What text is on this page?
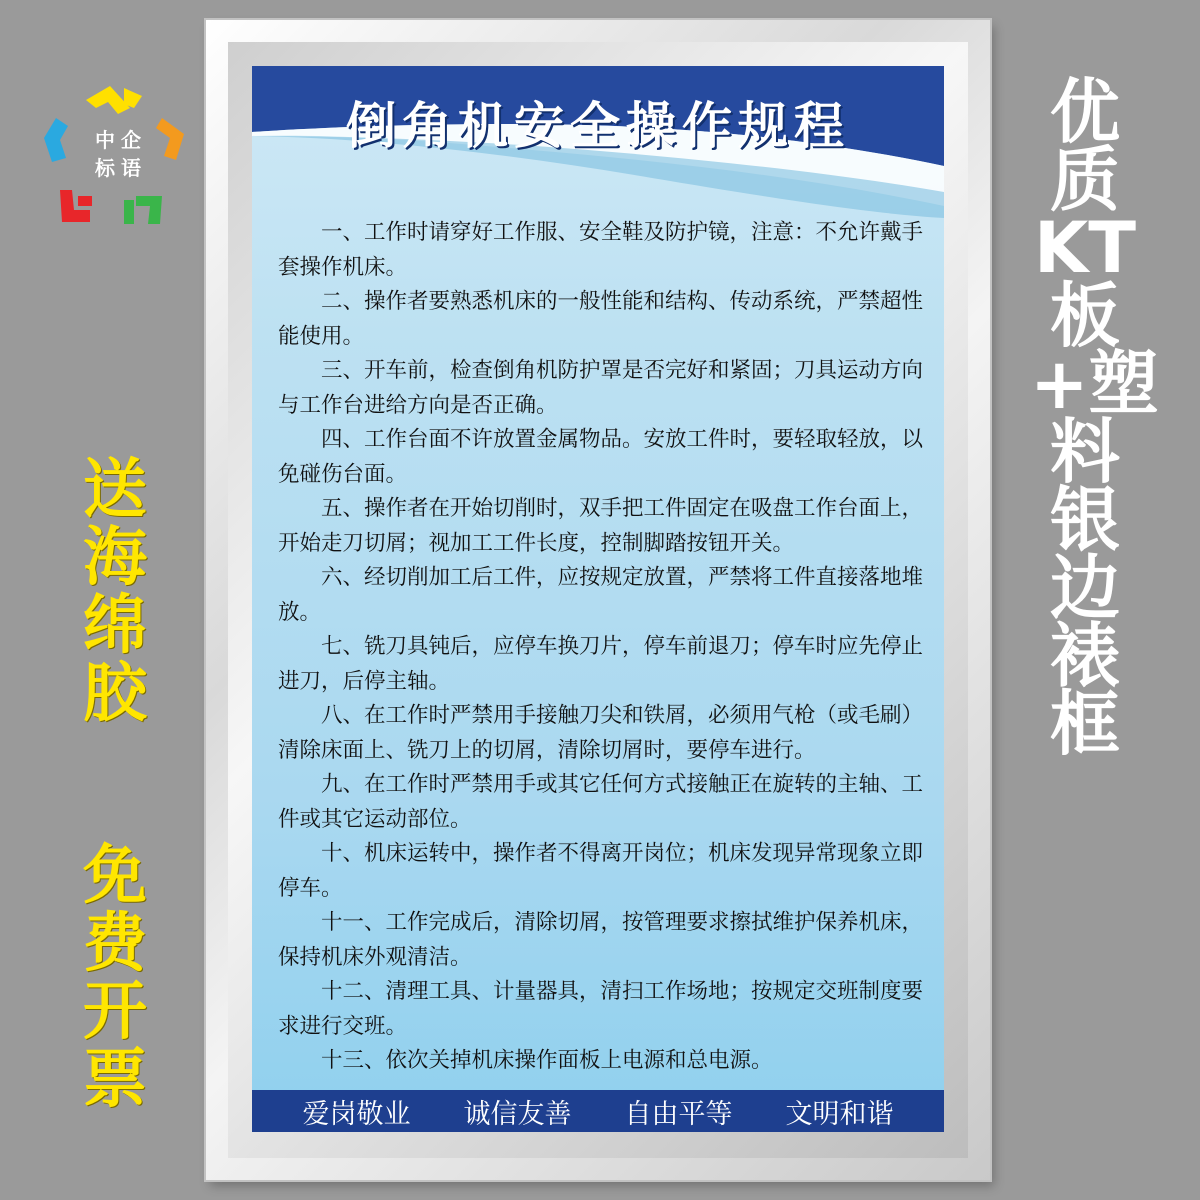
中企
标语
送海绵胶
免费开票
优质KT板+塑料银边裱框
倒角机安全操作规程

一、工作时请穿好工作服、安全鞋及防护镜，注意：不允许戴手套操作机床。

二、操作者要熟悉机床的一般性能和结构、传动系统，严禁超性能使用。

三、开车前，检查倒角机防护罩是否完好和紧固；刀具运动方向与工作台进给方向是否正确。

四、工作台面不许放置金属物品。安放工件时，要轻取轻放，以免碰伤台面。

五、操作者在开始切削时，双手把工件固定在吸盘工作台面上，开始走刀切屑；视加工工件长度，控制脚踏按钮开关。

六、经切削加工后工件，应按规定放置，严禁将工件直接落地堆放。

七、铣刀具钝后，应停车换刀片，停车前退刀；停车时应先停止进刀，后停主轴。

八、在工作时严禁用手接触刀尖和铁屑，必须用气枪（或毛刷）清除床面上、铣刀上的切屑，清除切屑时，要停车进行。

九、在工作时严禁用手或其它任何方式接触正在旋转的主轴、工件或其它运动部位。

十、机床运转中，操作者不得离开岗位；机床发现异常现象立即停车。

十一、工作完成后，清除切屑，按管理要求擦拭维护保养机床，保持机床外观清洁。

十二、清理工具、计量器具，清扫工作场地；按规定交班制度要求进行交班。

十三、依次关掉机床操作面板上电源和总电源。

爱岗敬业 诚信友善 自由平等 文明和谐
